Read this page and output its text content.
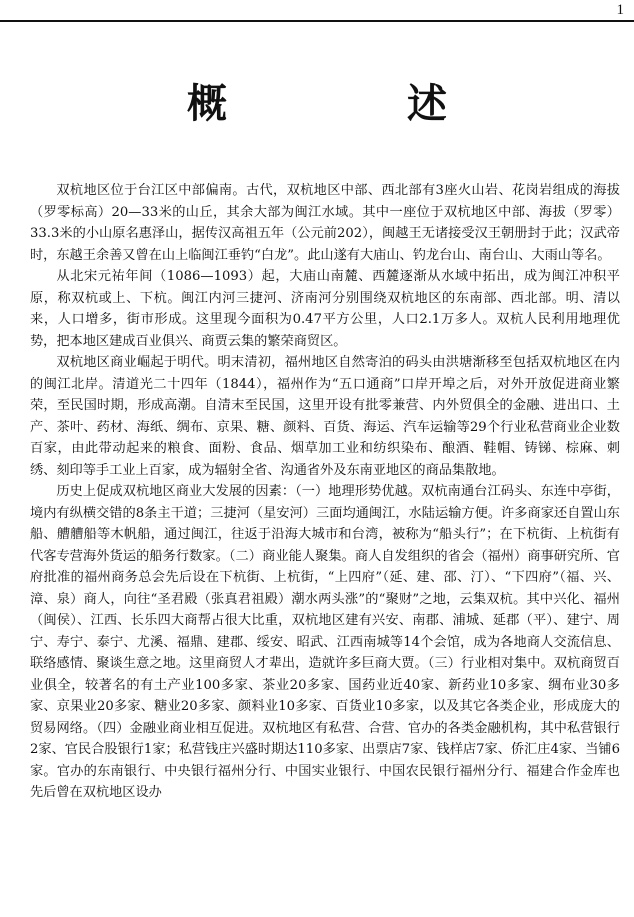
1
概　述

双杭地区位于台江区中部偏南。古代，双杭地区中部、西北部有3座火山岩、花岗岩组成的海拔（罗零标高）20—33米的山丘，其余大部为闽江水域。其中一座位于双杭地区中部、海拔（罗零）33.3米的小山原名惠泽山，据传汉高祖五年（公元前202），闽越王无诸接受汉王朝册封于此；汉武帝时，东越王余善又曾在山上临闽江垂钓“白龙”。此山遂有大庙山、钓龙台山、南台山、大雨山等名。

从北宋元祐年间（1086—1093）起，大庙山南麓、西麓逐渐从水域中拓出，成为闽江冲积平原，称双杭或上、下杭。闽江内河三捷河、济南河分别围绕双杭地区的东南部、西北部。明、清以来，人口增多，街市形成。这里现今面积为0.47平方公里，人口2.1万多人。双杭人民利用地理优势，把本地区建成百业俱兴、商贾云集的繁荣商贸区。

双杭地区商业崛起于明代。明末清初，福州地区自然寄泊的码头由洪塘渐移至包括双杭地区在内的闽江北岸。清道光二十四年（1844），福州作为“五口通商”口岸开埠之后，对外开放促进商业繁荣，至民国时期，形成高潮。自清末至民国，这里开设有批零兼营、内外贸俱全的金融、进出口、土产、茶叶、药材、海纸、绸布、京果、糖、颜料、百货、海运、汽车运输等29个行业私营商业企业数百家，由此带动起来的粮食、面粉、食品、烟草加工业和纺织染布、酿酒、鞋帽、铸锑、棕麻、刺绣、刻印等手工业上百家，成为辐射全省、沟通省外及东南亚地区的商品集散地。

历史上促成双杭地区商业大发展的因素：（一）地理形势优越。双杭南通台江码头、东连中亭街，境内有纵横交错的8条主干道；三捷河（星安河）三面均通闽江，水陆运输方便。许多商家还自置山东船、艚艚船等木帆船，通过闽江，往返于沿海大城市和台湾，被称为“船头行”；在下杭街、上杭街有代客专营海外货运的船务行数家。（二）商业能人聚集。商人自发组织的省会（福州）商事研究所、官府批准的福州商务总会先后设在下杭街、上杭街，“上四府”（延、建、邵、汀）、“下四府”（福、兴、漳、泉）商人，向往“圣君殿（张真君祖殿）潮水两头涨”的“聚财”之地，云集双杭。其中兴化、福州（闽侯）、江西、长乐四大商帮占很大比重，双杭地区建有兴安、南郡、浦城、延郡（平）、建宁、周宁、寿宁、泰宁、尤溪、福鼎、建郡、绥安、昭武、江西南城等14个会馆，成为各地商人交流信息、联络感情、聚谈生意之地。这里商贸人才辈出，造就许多巨商大贾。（三）行业相对集中。双杭商贸百业俱全，较著名的有土产业100多家、茶业20多家、国药业近40家、新药业10多家、绸布业30多家、京果业20多家、糖业20多家、颜料业10多家、百货业10多家，以及其它各类企业，形成庞大的贸易网络。（四）金融业商业相互促进。双杭地区有私营、合营、官办的各类金融机构，其中私营银行2家、官民合股银行1家；私营钱庄兴盛时期达110多家、出票店7家、钱样店7家、侨汇庄4家、当铺6家。官办的东南银行、中央银行福州分行、中国实业银行、中国农民银行福州分行、福建合作金库也先后曾在双杭地区设办
